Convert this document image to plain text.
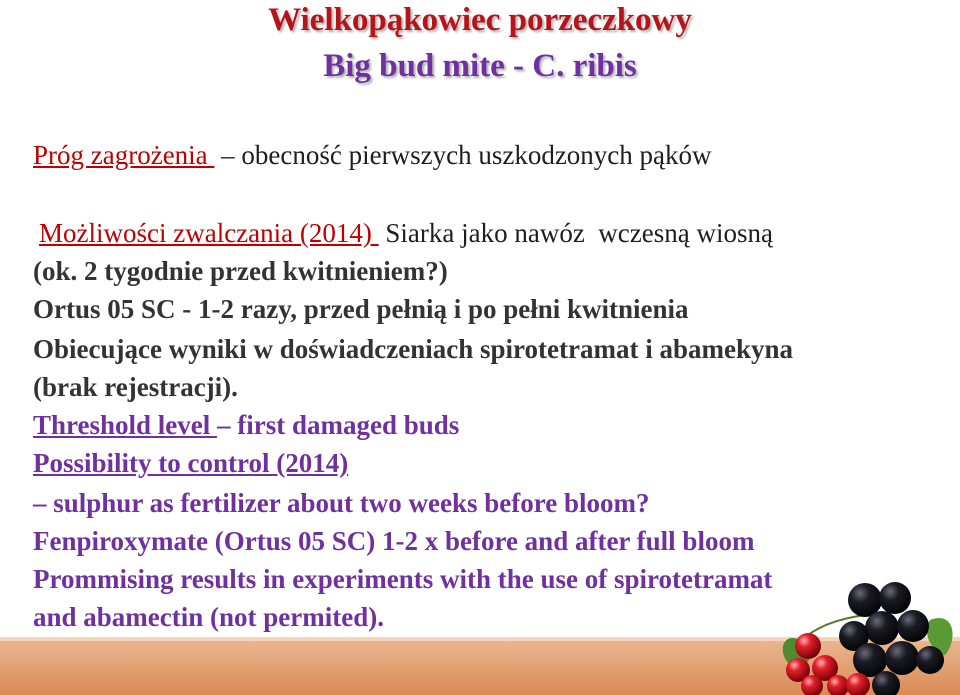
Wielkopąkowiec porzeczkowy
Big bud mite - C. ribis
Próg zagrożenia  – obecność pierwszych uszkodzonych pąków
Możliwości zwalczania (2014)  Siarka jako nawóz  wczesną wiosną
(ok. 2 tygodnie przed kwitnieniem?)
Ortus 05 SC - 1-2 razy, przed pełnią i po pełni kwitnienia
Obiecujące wyniki w doświadczeniach spirotetramat i abamekyna
(brak rejestracji).
Threshold level – first damaged buds
Possibility to control (2014)
– sulphur as fertilizer about two weeks before bloom?
Fenpiroxymate (Ortus 05 SC) 1-2 x before and after full bloom
Prommising results in experiments with the use of spirotetramat
and abamectin (not permited).
